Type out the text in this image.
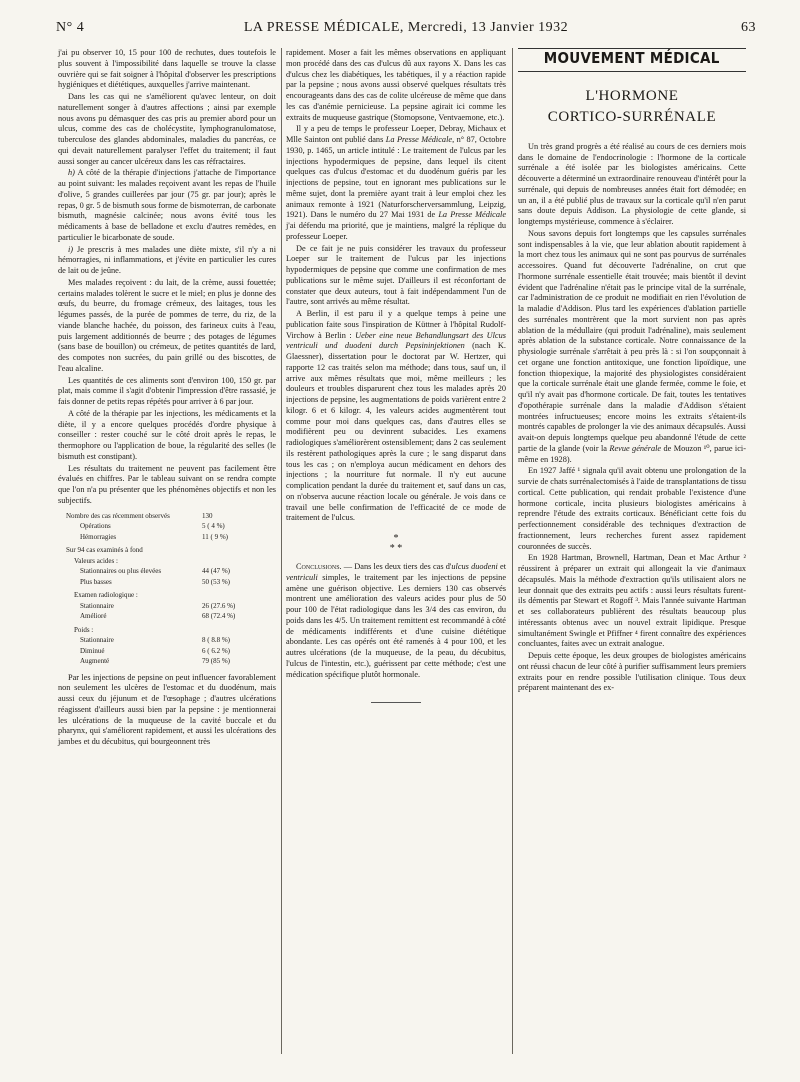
N° 4	LA PRESSE MÉDICALE, Mercredi, 13 Janvier 1932	63

j'ai pu observer 10, 15 pour 100 de rechutes, dues toutefois le plus souvent à l'impossibilité dans laquelle se trouve la classe ouvrière qui se fait soigner à l'hôpital d'observer les prescriptions hygiéniques et diététiques, auxquelles j'arrive maintenant.

Dans les cas qui ne s'améliorent qu'avec lenteur, on doit naturellement songer à d'autres affections ; ainsi par exemple nous avons pu démasquer des cas pris au premier abord pour un ulcus, comme des cas de cholécystite, lymphogranulomatose, tuberculose des glandes abdominales, maladies du pancréas, ce qui devait naturellement paralyser l'effet du traitement; il faut aussi songer au cancer ulcéreux dans les cas réfractaires.

h) A côté de la thérapie d'injections j'attache de l'importance au point suivant: les malades reçoivent avant les repas de l'huile d'olive, 5 grandes cuillerées par jour (75 gr. par jour); après le repas, 0 gr. 5 de bismuth sous forme de bismoterran, de carbonate bismuth, magnésie calcinée; nous avons évité tous les médicaments à base de belladone et exclu d'autres remèdes, en particulier le bicarbonate de soude.

i) Je prescris à mes malades une diète mixte, s'il n'y a ni hémorragies, ni inflammations, et j'évite en particulier les cures de lait ou de jeûne.

Mes malades reçoivent : du lait, de la crème, aussi fouettée; certains malades tolèrent le sucre et le miel; en plus je donne des œufs, du beurre, du fromage crémeux, des laitages, tous les légumes passés, de la purée de pommes de terre, du riz, de la viande blanche hachée, du poisson, des farineux cuits à l'eau, puis largement additionnés de beurre ; des potages de légumes (sans base de bouillon) ou crémeux, de petites quantités de lard, des compotes non sucrées, du pain grillé ou des biscottes, de l'eau alcaline.

Les quantités de ces aliments sont d'environ 100, 150 gr. par plat, mais comme il s'agit d'obtenir l'impression d'être rassasié, je fais donner de petits repas répétés pour arriver à 6 par jour.

A côté de la thérapie par les injections, les médicaments et la diète, il y a encore quelques procédés d'ordre physique à conseiller : rester couché sur le côté droit après le repas, le thermophore ou l'application de boue, la régularité des selles (le bismuth est constipant).

Les résultats du traitement ne peuvent pas facilement être évalués en chiffres. Par le tableau suivant on se rendra compte que l'on n'a pu présenter que les phénomènes objectifs et non les subjectifs.

Nombre des cas récemment observés	130
Opérations	5 ( 4 %)
Hémorragies	11 ( 9 %)
Sur 94 cas examinés à fond
Valeurs acides :
Stationnaires ou plus élevées	44 (47 %)
Plus basses	50 (53 %)
Examen radiologique :
Stationnaire	26 (27.6 %)
Amélioré	68 (72.4 %)
Poids :
Stationnaire	8 ( 8.8 %)
Diminué	6 ( 6.2 %)
Augmenté	79 (85 %)

Par les injections de pepsine on peut influencer favorablement non seulement les ulcères de l'estomac et du duodénum, mais aussi ceux du jéjunum et de l'œsophage ; d'autres ulcérations réagissent d'ailleurs aussi bien par la pepsine : je mentionnerai les ulcérations de la muqueuse de la cavité buccale et du pharynx, qui s'améliorent rapidement, et aussi les ulcérations des jambes et du décubitus, qui bourgeonnent très

rapidement. Moser a fait les mêmes observations en appliquant mon procédé dans des cas d'ulcus dû aux rayons X. Dans les cas d'ulcus chez les diabétiques, les tabétiques, il y a réaction rapide par la pepsine ; nous avons aussi observé quelques résultats très encourageants dans des cas de colite ulcéreuse de même que dans les cas d'anémie pernicieuse. La pepsine agirait ici comme les extraits de muqueuse gastrique (Stomopsone, Ventvaemone, etc.).

Il y a peu de temps le professeur Loeper, Debray, Michaux et Mlle Sainton ont publié dans La Presse Médicale, n° 87, Octobre 1930, p. 1465, un article intitulé : Le traitement de l'ulcus par les injections hypodermiques de pepsine, dans lequel ils citent quelques cas d'ulcus d'estomac et du duodénum guéris par les injections de pepsine, tout en ignorant mes publications sur le même sujet, dont la première ayant trait à leur emploi chez les animaux remonte à 1921 (Naturforscherversammlung, Leipzig, 1921). Dans le numéro du 27 Mai 1931 de La Presse Médicale j'ai défendu ma priorité, que je maintiens, malgré la réplique du professeur Loeper.

De ce fait je ne puis considérer les travaux du professeur Loeper sur le traitement de l'ulcus par les injections hypodermiques de pepsine que comme une confirmation de mes publications sur le même sujet. D'ailleurs il est réconfortant de constater que deux auteurs, tout à fait indépendamment l'un de l'autre, sont arrivés au même résultat.

A Berlin, il est paru il y a quelque temps à peine une publication faite sous l'inspiration de Küttner à l'hôpital Rudolf-Virchow à Berlin : Ueber eine neue Behandlungsart des Ulcus ventriculi und duodeni durch Pepsininjektionen (nach K. Glaessner), dissertation pour le doctorat par W. Hertzer, qui rapporte 12 cas traités selon ma méthode; dans tous, sauf un, il arrive aux mêmes résultats que moi, même meilleurs ; les douleurs et troubles disparurent chez tous les malades après 20 injections de pepsine, les augmentations de poids varièrent entre 2 kilogr. 6 et 6 kilogr. 4, les valeurs acides augmentèrent tout comme pour moi dans quelques cas, dans d'autres elles se modifièrent peu ou devinrent subacides. Les examens radiologiques s'améliorèrent ostensiblement; dans 2 cas seulement ils restèrent pathologiques après la cure ; le sang disparut dans tous les cas ; on n'employa aucun médicament en dehors des injections ; la nourriture fut normale. Il n'y eut aucune complication pendant la durée du traitement et, sauf dans un cas, on n'observa aucune réaction locale ou générale. Je vois dans ce travail une belle confirmation de l'efficacité de ce mode de traitement de l'ulcus.

*
* *

Conclusions. — Dans les deux tiers des cas d'ulcus duodeni et ventriculi simples, le traitement par les injections de pepsine amène une guérison objective. Les derniers 130 cas observés montrent une amélioration des valeurs acides pour plus de 50 pour 100 de l'état radiologique dans les 3/4 des cas environ, du poids dans les 4/5. Un traitement remittent est recommandé à côté de médicaments indifférents et d'une cuisine diététique abondante. Les cas opérés ont été ramenés à 4 pour 100, et les autres ulcérations (de la muqueuse, de la peau, du décubitus, l'ulcus de l'intestin, etc.), guérissent par cette méthode; c'est une médication spécifique plutôt hormonale.

MOUVEMENT MÉDICAL
L'HORMONE
CORTICO-SURRÉNALE

Un très grand progrès a été réalisé au cours de ces derniers mois dans le domaine de l'endocrinologie : l'hormone de la corticale surrénale a été isolée par les biologistes américains. Cette découverte a déterminé un extraordinaire renouveau d'intérêt pour la surrénale, qui depuis de nombreuses années était fort démodée; en un an, il a été publié plus de travaux sur la corticale qu'il n'en parut sans doute depuis Addison. La physiologie de cette glande, si longtemps mystérieuse, commence à s'éclairer.

Nous savons depuis fort longtemps que les capsules surrénales sont indispensables à la vie, que leur ablation aboutit rapidement à la mort chez tous les animaux qui ne sont pas pourvus de surrénales accessoires. Quand fut découverte l'adrénaline, on crut que l'hormone surrénale essentielle était trouvée; mais bientôt il devint évident que l'adrénaline n'était pas le principe vital de la surrénale, car l'administration de ce produit ne modifiait en rien l'évolution de la maladie d'Addison. Plus tard les expériences d'ablation partielle des surrénales montrèrent que la mort survient non pas après ablation de la médullaire (qui produit l'adrénaline), mais seulement après ablation de la substance corticale. Notre connaissance de la physiologie surrénale s'arrêtait à peu près là : si l'on soupçonnait à cet organe une fonction antitoxique, une fonction lipoïdique, une fonction thiopexique, la majorité des physiologistes considéraient que la corticale surrénale était une glande fermée, comme le foie, et qu'il n'y avait pas d'hormone corticale. De fait, toutes les tentatives d'opothérapie surrénale dans la maladie d'Addison s'étaient montrées infructueuses; encore moins les extraits s'étaient-ils montrés capables de prolonger la vie des animaux décapsulés. Aussi avait-on depuis longtemps quelque peu abandonné l'étude de cette partie de la glande (voir la Revue générale de Mouzon ¹⁰, parue ici-même en 1928).

En 1927 Jaffé ¹ signala qu'il avait obtenu une prolongation de la survie de chats surrénalectomisés à l'aide de transplantations de tissu cortical. Cette publication, qui rendait probable l'existence d'une hormone corticale, incita plusieurs biologistes américains à reprendre l'étude des extraits corticaux. Bénéficiant cette fois du perfectionnement considérable des techniques d'extraction de fractionnement, leurs recherches furent assez rapidement couronnées de succès.

En 1928 Hartman, Brownell, Hartman, Dean et Mac Arthur ² réussirent à préparer un extrait qui allongeait la vie d'animaux décapsulés. Mais la méthode d'extraction qu'ils utilisaient alors ne leur donnait que des extraits peu actifs : aussi leurs résultats furent-ils démentis par Stewart et Rogoff ³. Mais l'année suivante Hartman et ses collaborateurs publièrent des résultats beaucoup plus intéressants obtenus avec un nouvel extrait lipidique. Presque simultanément Swingle et Pfiffner ⁴ firent connaître des expériences concluantes, faites avec un extrait analogue.

Depuis cette époque, les deux groupes de biologistes américains ont réussi chacun de leur côté à purifier suffisamment leurs premiers extraits pour en rendre possible l'utilisation clinique. Tous deux préparent maintenant des ex-
